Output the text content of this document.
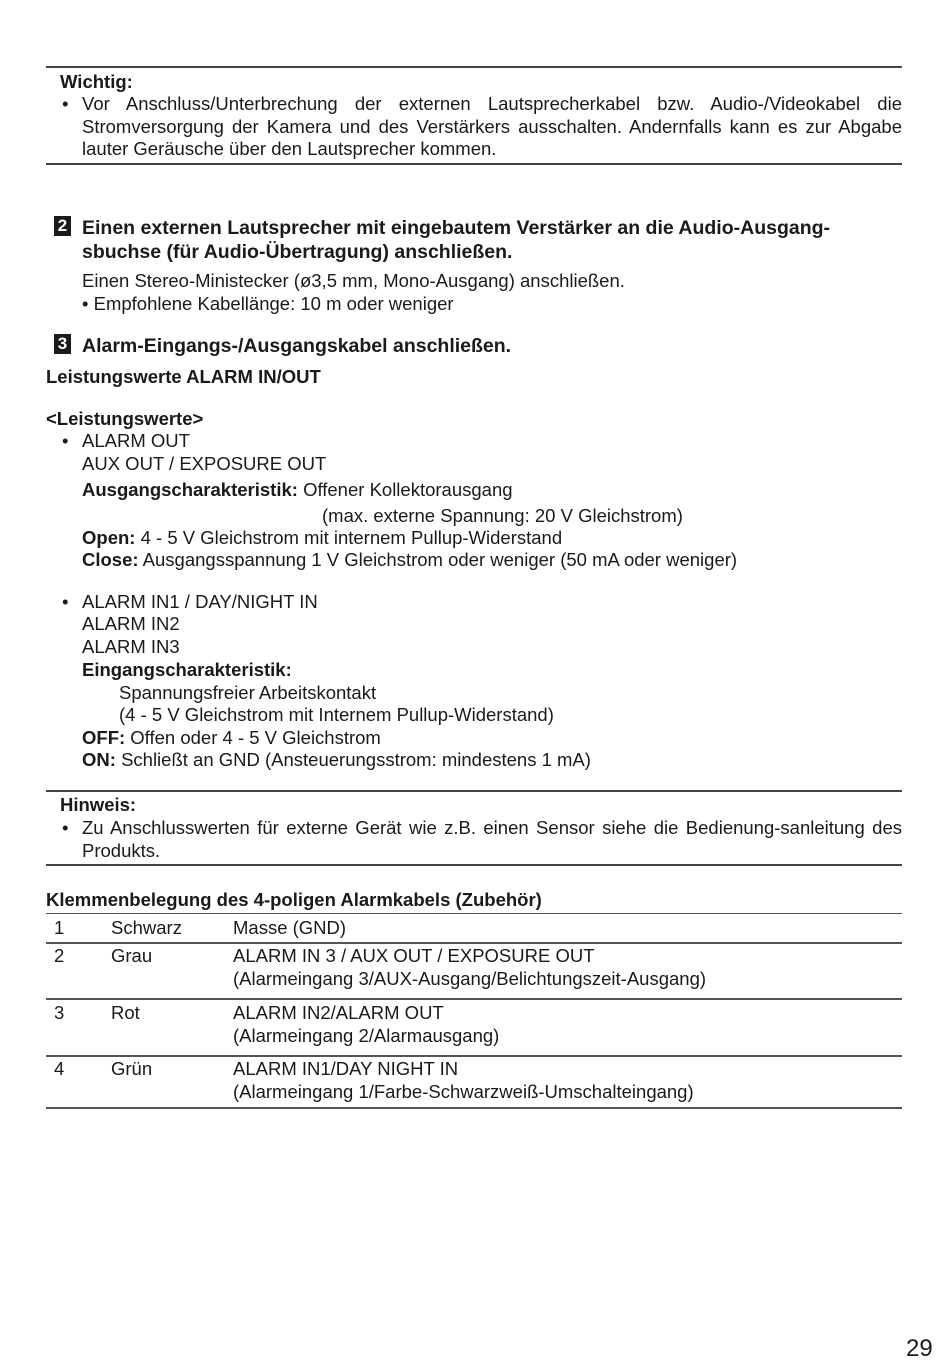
Wichtig:
• Vor Anschluss/Unterbrechung der externen Lautsprecherkabel bzw. Audio-/Videokabel die Stromversorgung der Kamera und des Verstärkers ausschalten. Andernfalls kann es zur Abgabe lauter Geräusche über den Lautsprecher kommen.
2 Einen externen Lautsprecher mit eingebautem Verstärker an die Audio-Ausgang-sbuchse (für Audio-Übertragung) anschließen.
Einen Stereo-Ministecker (ø3,5 mm, Mono-Ausgang) anschließen.
• Empfohlene Kabellänge: 10 m oder weniger
3 Alarm-Eingangs-/Ausgangskabel anschließen.
Leistungswerte ALARM IN/OUT
<Leistungswerte>
• ALARM OUT
AUX OUT / EXPOSURE OUT
Ausgangscharakteristik: Offener Kollektorausgang
(max. externe Spannung: 20 V Gleichstrom)
Open: 4 - 5 V Gleichstrom mit internem Pullup-Widerstand
Close: Ausgangsspannung 1 V Gleichstrom oder weniger (50 mA oder weniger)
• ALARM IN1 / DAY/NIGHT IN
ALARM IN2
ALARM IN3
Eingangscharakteristik:
Spannungsfreier Arbeitskontakt
(4 - 5 V Gleichstrom mit Internem Pullup-Widerstand)
OFF: Offen oder 4 - 5 V Gleichstrom
ON: Schließt an GND (Ansteuerungsstrom: mindestens 1 mA)
Hinweis:
• Zu Anschlusswerten für externe Gerät wie z.B. einen Sensor siehe die Bedienung-sanleitung des Produkts.
Klemmenbelegung des 4-poligen Alarmkabels (Zubehör)
1	Schwarz	Masse (GND)
2	Grau	ALARM IN 3 / AUX OUT / EXPOSURE OUT
(Alarmeingang 3/AUX-Ausgang/Belichtungszeit-Ausgang)
3	Rot	ALARM IN2/ALARM OUT
(Alarmeingang 2/Alarmausgang)
4	Grün	ALARM IN1/DAY NIGHT IN
(Alarmeingang 1/Farbe-Schwarzweiß-Umschalteingang)
29
